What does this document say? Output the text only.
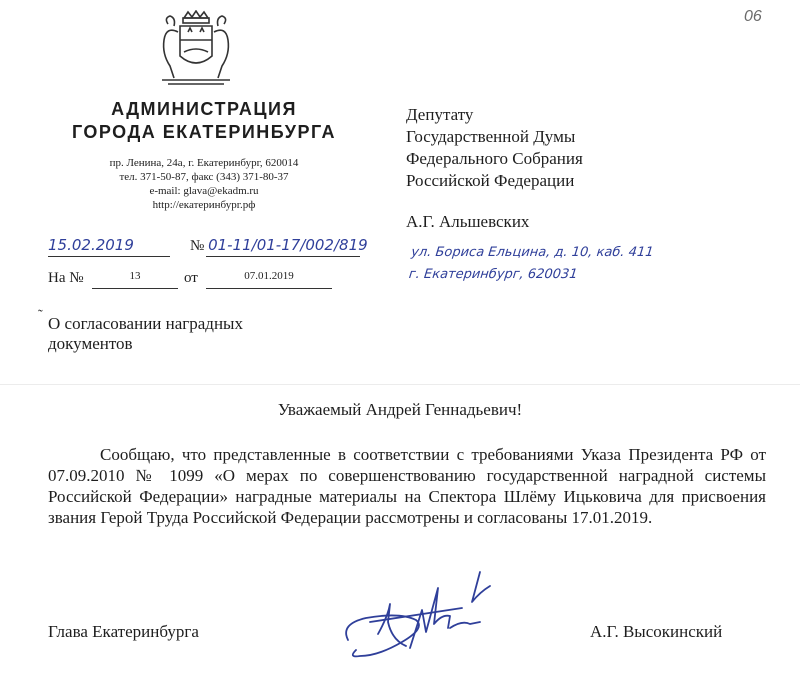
06
АДМИНИСТРАЦИЯ
ГОРОДА ЕКАТЕРИНБУРГА
пр. Ленина, 24а, г. Екатеринбург, 620014
тел. 371-50-87, факс (343) 371-80-37
e-mail: glava@ekadm.ru
http://екатеринбург.рф
15.02.2019	№ 01-11/01-17/002/819
На №	13	от	07.01.2019
˜ О согласовании наградных
документов
Депутату
Государственной Думы
Федерального Собрания
Российской Федерации
А.Г. Альшевских
ул. Бориса Ельцина, д. 10, каб. 411
г. Екатеринбург, 620031
Уважаемый Андрей Геннадьевич!
Сообщаю, что представленные в соответствии с требованиями Указа Президента РФ от 07.09.2010 № 1099 «О мерах по совершенствованию государственной наградной системы Российской Федерации» наградные материалы на Спектора Шлёму Ицьковича для присвоения звания Герой Труда Российской Федерации рассмотрены и согласованы 17.01.2019.
Глава Екатеринбурга	А.Г. Высокинский
